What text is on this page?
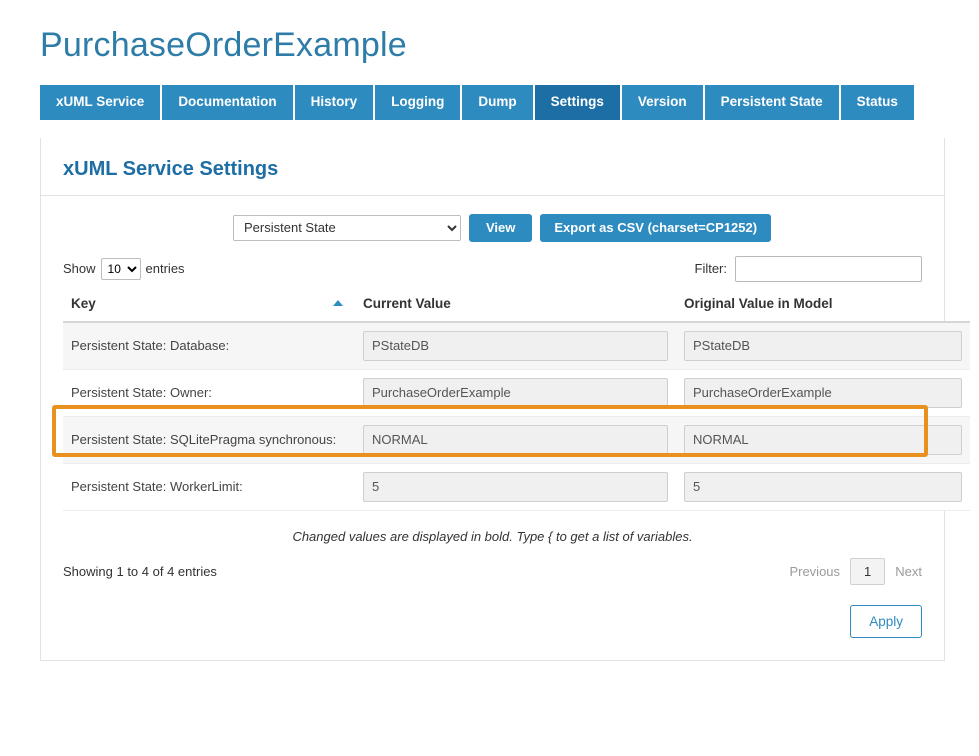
PurchaseOrderExample
xUML Service	Documentation	History	Logging	Dump	Settings	Version	Persistent State	Status
xUML Service Settings
Persistent State
View	Export as CSV (charset=CP1252)
Show
10	entries	Filter:
Key	Current Value	Original Value in Model
Persistent State: Database:	PStateDB	PStateDB
Persistent State: Owner:	PurchaseOrderExample	PurchaseOrderExample
Persistent State: SQLitePragma synchronous:	NORMAL	NORMAL
Persistent State: WorkerLimit:	5	5
Changed values are displayed in bold. Type { to get a list of variables.
Showing 1 to 4 of 4 entries	Previous	1	Next
Apply
